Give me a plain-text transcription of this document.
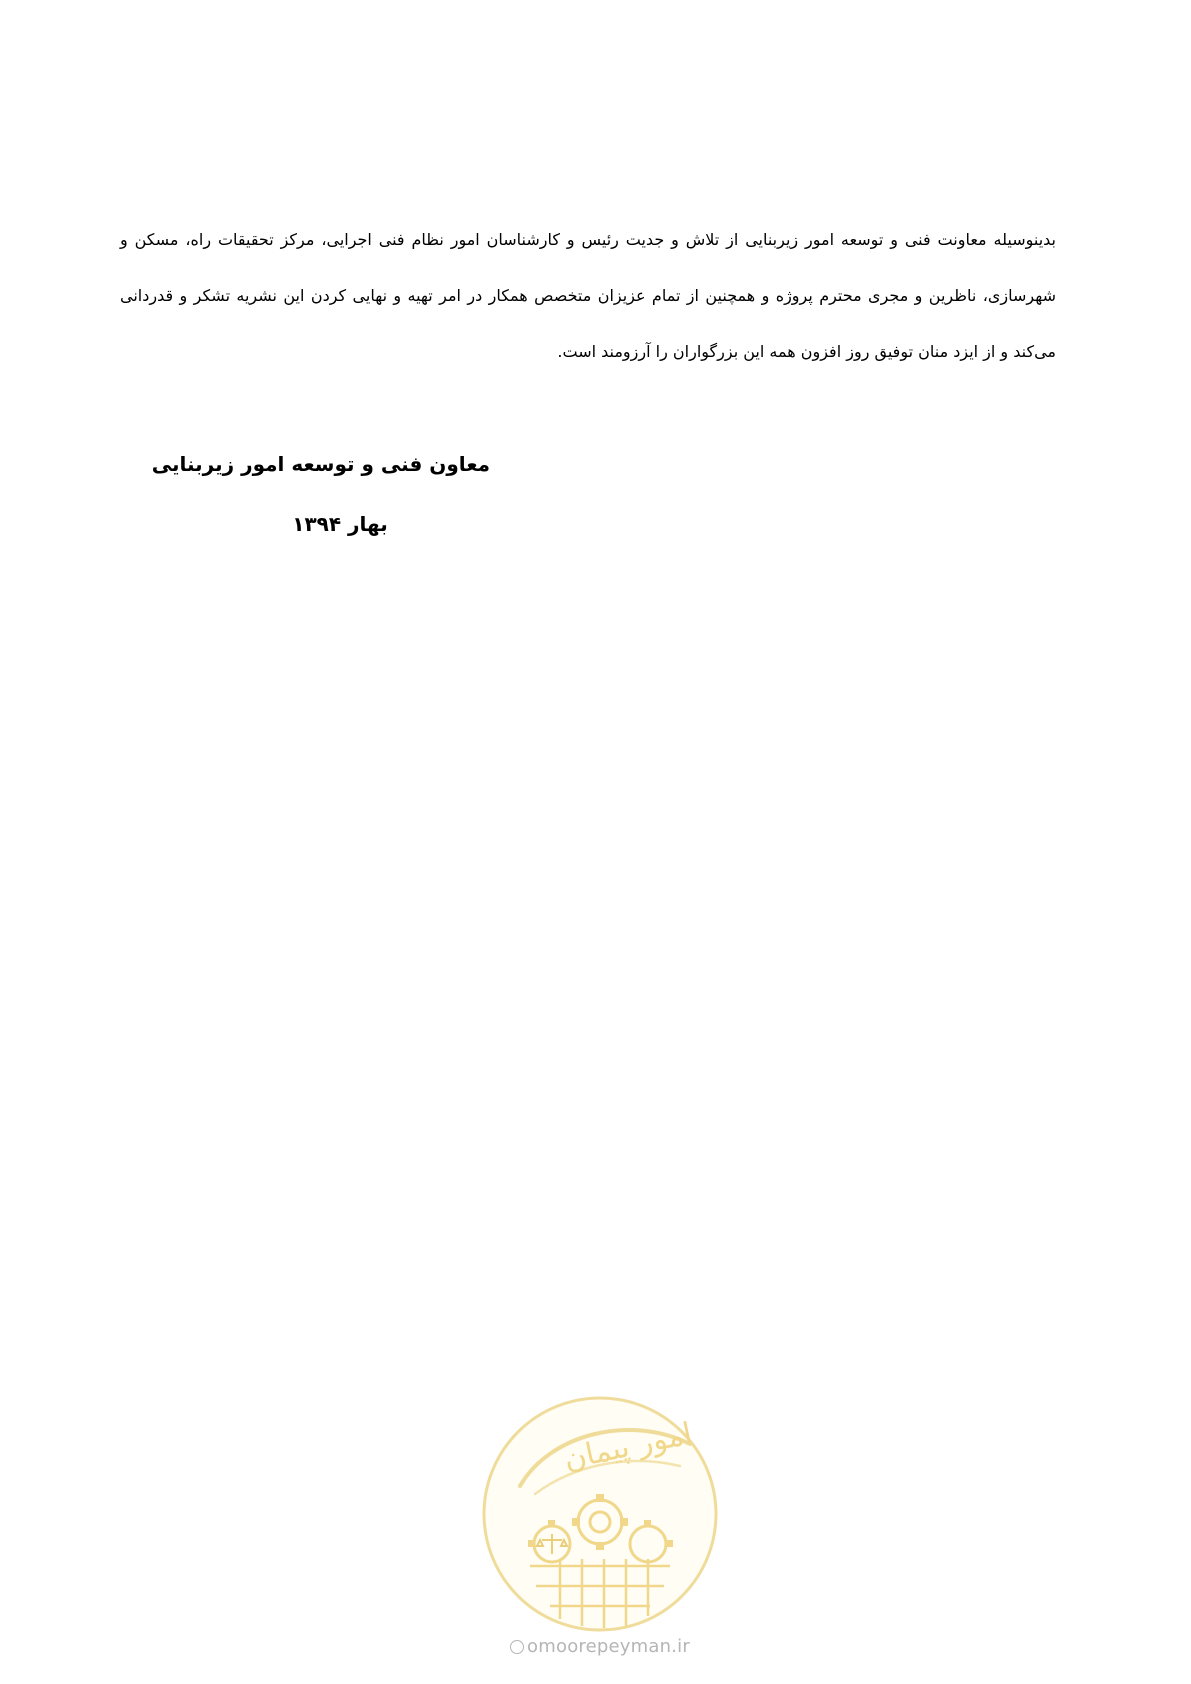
بدینوسیله معاونت فنی و توسعه امور زیربنایی از تلاش و جدیت رئیس و کارشناسان امور نظام فنی اجرایی، مرکز تحقیقات راه، مسکن و شهرسازی، ناظرین و مجری محترم پروژه و همچنین از تمام عزیزان متخصص همکار در امر تهیه و نهایی کردن این نشریه تشکر و قدردانی می‌کند و از ایزد منان توفیق روز افزون همه این بزرگواران را آرزومند است.

معاون فنی و توسعه امور زیربنایی

بهار ۱۳۹۴

امور پیمان
omoorepeyman.ir
